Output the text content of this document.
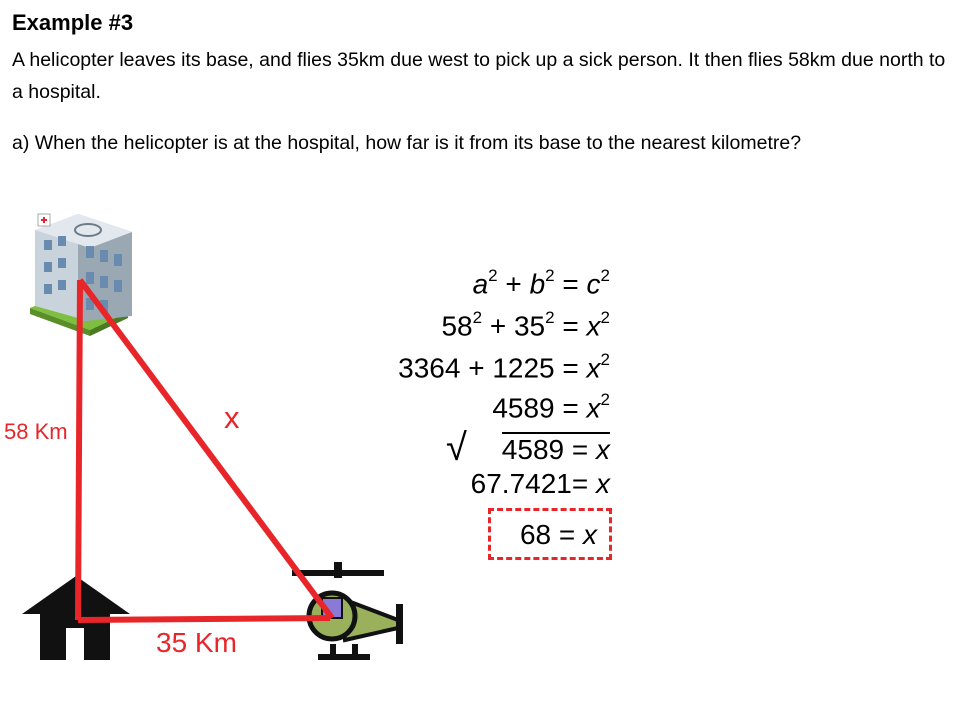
Example #3
A helicopter leaves its base, and flies 35km due west to pick up a sick person. It then flies 58km due north to a hospital.
a) When the helicopter is at the hospital, how far is it from its base to the nearest kilometre?
58 Km
35 Km
x
$a^2 + b^2 = c^2$
$58^2 + 35^2 = x^2$
$3364 + 1225 = x^2$
$4589 = x^2$
√ 4589 = x
67.7421= x
68 = x
